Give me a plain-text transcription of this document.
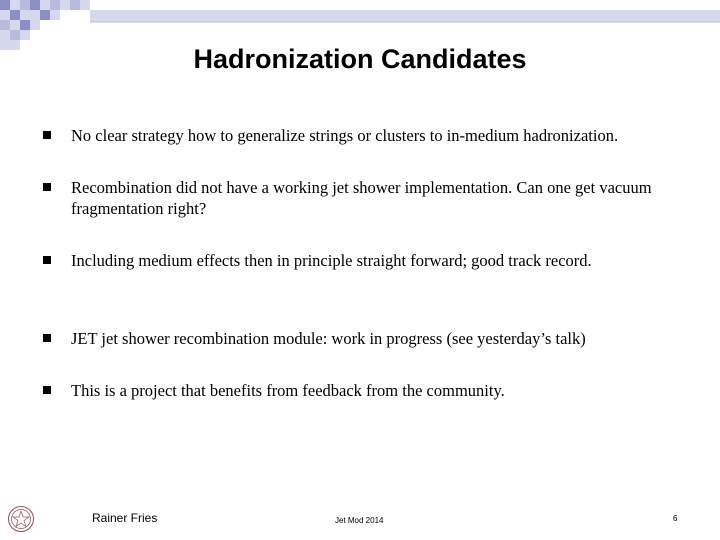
Hadronization Candidates
No clear strategy how to generalize strings or clusters to in-medium hadronization.
Recombination did not have a working jet shower implementation. Can one get vacuum fragmentation right?
Including medium effects then in principle straight forward; good track record.
JET jet shower recombination module: work in progress (see yesterday’s talk)
This is a project that benefits from feedback from the community.
Rainer Fries	Jet Mod 2014	6
